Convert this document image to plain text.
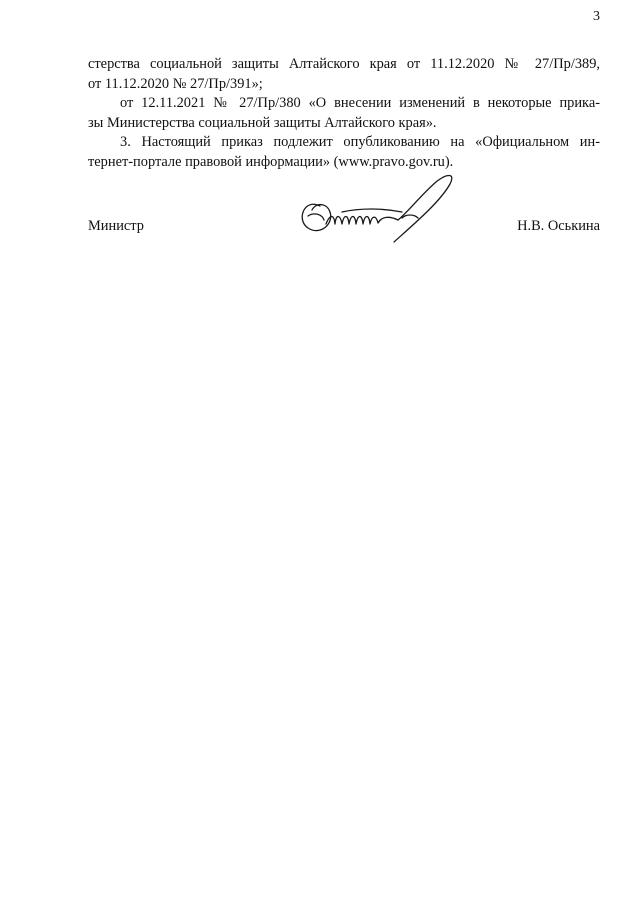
3

стерства социальной защиты Алтайского края от 11.12.2020 № 27/Пр/389,
от 11.12.2020 № 27/Пр/391»;

от 12.11.2021 № 27/Пр/380 «О внесении изменений в некоторые прика-
зы Министерства социальной защиты Алтайского края».

3. Настоящий приказ подлежит опубликованию на «Официальном ин-
тернет-портале правовой информации» (www.pravo.gov.ru).

Министр	Н.В. Оськина
